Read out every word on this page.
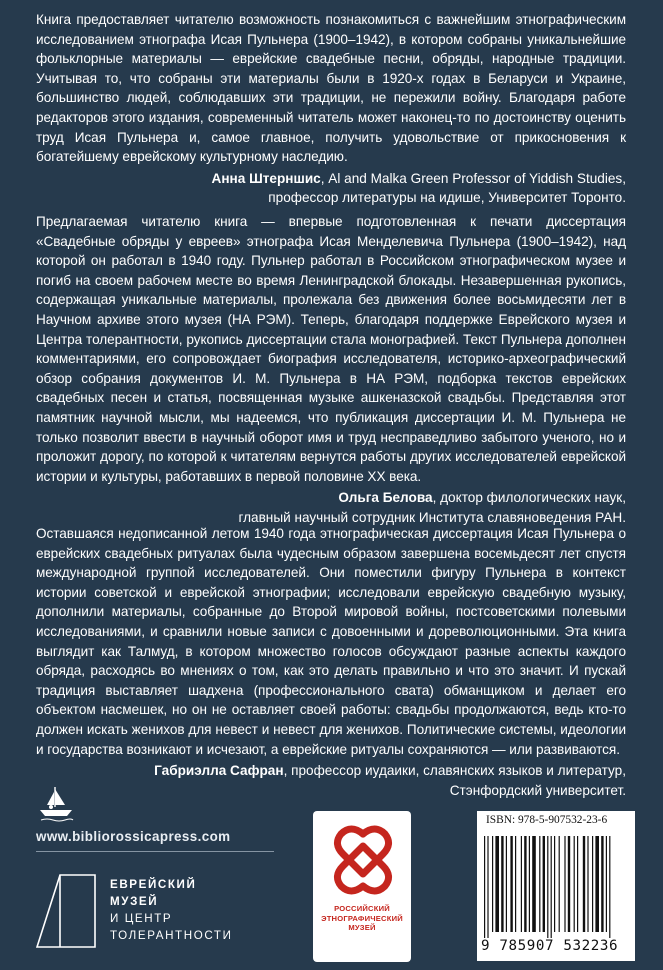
Книга предоставляет читателю возможность познакомиться с важнейшим этнографическим исследованием этнографа Исая Пульнера (1900–1942), в котором собраны уникальнейшие фольклорные материалы — еврейские свадебные песни, обряды, народные традиции. Учитывая то, что собраны эти материалы были в 1920-х годах в Беларуси и Украине, большинство людей, соблюдавших эти традиции, не пережили войну. Благодаря работе редакторов этого издания, современный читатель может наконец-то по достоинству оценить труд Исая Пульнера и, самое главное, получить удовольствие от прикосновения к богатейшему еврейскому культурному наследию.

Анна Штерншис, Al and Malka Green Professor of Yiddish Studies,
профессор литературы на идише, Университет Торонто.

Предлагаемая читателю книга — впервые подготовленная к печати диссертация «Свадебные обряды у евреев» этнографа Исая Менделевича Пульнера (1900–1942), над которой он работал в 1940 году. Пульнер работал в Российском этнографическом музее и погиб на своем рабочем месте во время Ленинградской блокады. Незавершенная рукопись, содержащая уникальные материалы, пролежала без движения более восьмидесяти лет в Научном архиве этого музея (НА РЭМ). Теперь, благодаря поддержке Еврейского музея и Центра толерантности, рукопись диссертации стала монографией. Текст Пульнера дополнен комментариями, его сопровождает биография исследователя, историко-археографический обзор собрания документов И. М. Пульнера в НА РЭМ, подборка текстов еврейских свадебных песен и статья, посвященная музыке ашкеназской свадьбы. Представляя этот памятник научной мысли, мы надеемся, что публикация диссертации И. М. Пульнера не только позволит ввести в научный оборот имя и труд несправедливо забытого ученого, но и проложит дорогу, по которой к читателям вернутся работы других исследователей еврейской истории и культуры, работавших в первой половине XX века.

Ольга Белова, доктор филологических наук,
главный научный сотрудник Института славяноведения РАН.

Оставшаяся недописанной летом 1940 года этнографическая диссертация Исая Пульнера о еврейских свадебных ритуалах была чудесным образом завершена восемьдесят лет спустя международной группой исследователей. Они поместили фигуру Пульнера в контекст истории советской и еврейской этнографии; исследовали еврейскую свадебную музыку, дополнили материалы, собранные до Второй мировой войны, постсоветскими полевыми исследованиями, и сравнили новые записи с довоенными и дореволюционными. Эта книга выглядит как Талмуд, в котором множество голосов обсуждают разные аспекты каждого обряда, расходясь во мнениях о том, как это делать правильно и что это значит. И пускай традиция выставляет шадхена (профессионального свата) обманщиком и делает его объектом насмешек, но он не оставляет своей работы: свадьбы продолжаются, ведь кто-то должен искать женихов для невест и невест для женихов. Политические системы, идеологии и государства возникают и исчезают, а еврейские ритуалы сохраняются — или развиваются.

Габриэлла Сафран, профессор иудаики, славянских языков и литератур,
Стэнфордский университет.
www.bibliorossicapress.com
ЕВРЕЙСКИЙ
МУЗЕЙ
И ЦЕНТР
ТОЛЕРАНТНОСТИ
РОССИЙСКИЙ
ЭТНОГРАФИЧЕСКИЙ
МУЗЕЙ
ISBN: 978-5-907532-23-6
9 785907 532236
